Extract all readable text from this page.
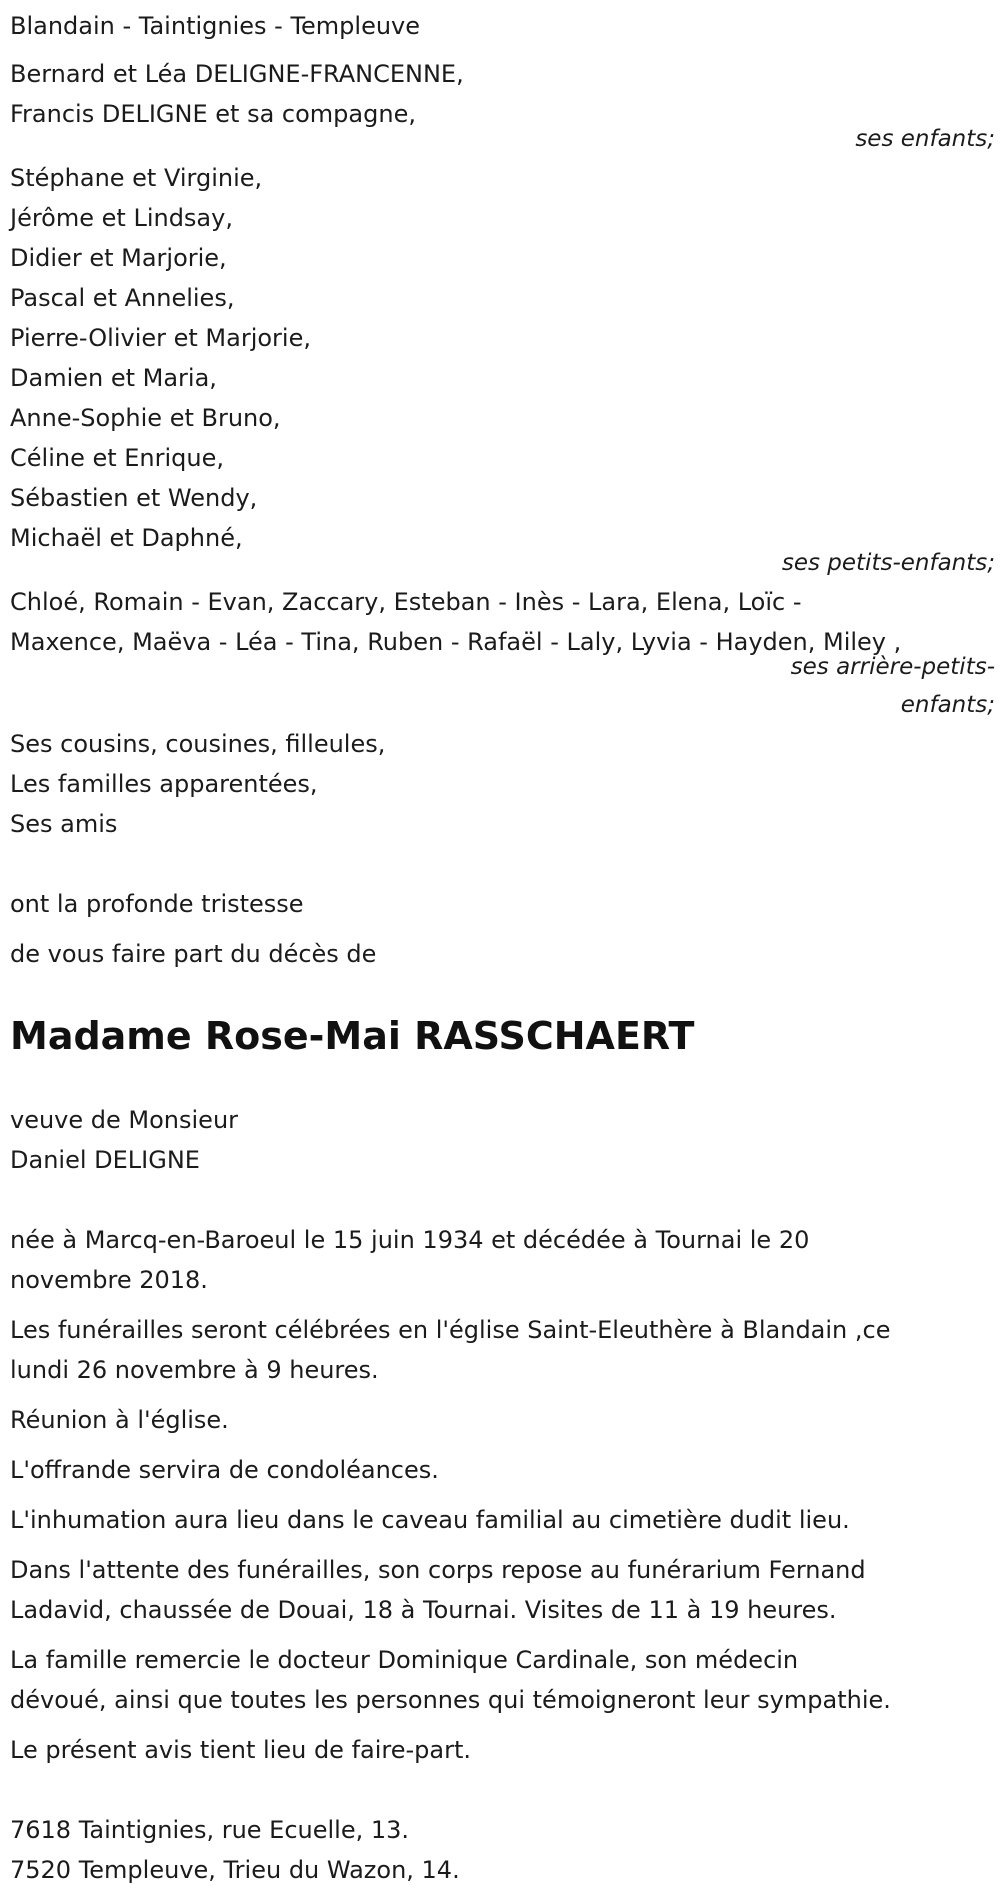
Blandain - Taintignies - Templeuve
Bernard et Léa DELIGNE-FRANCENNE,
Francis DELIGNE et sa compagne,
ses enfants;
Stéphane et Virginie,
Jérôme et Lindsay,
Didier et Marjorie,
Pascal et Annelies,
Pierre-Olivier et Marjorie,
Damien et Maria,
Anne-Sophie et Bruno,
Céline et Enrique,
Sébastien et Wendy,
Michaël et Daphné,
ses petits-enfants;
Chloé, Romain - Evan, Zaccary, Esteban - Inès - Lara, Elena, Loïc -
Maxence, Maëva - Léa - Tina, Ruben - Rafaël - Laly, Lyvia - Hayden, Miley ,
ses arrière-petits-
enfants;
Ses cousins, cousines, filleules,
Les familles apparentées,
Ses amis
ont la profonde tristesse
de vous faire part du décès de
Madame Rose-Mai RASSCHAERT
veuve de Monsieur
Daniel DELIGNE
née à Marcq-en-Baroeul le 15 juin 1934 et décédée à Tournai le 20
novembre 2018.
Les funérailles seront célébrées en l'église Saint-Eleuthère à Blandain ,ce
lundi 26 novembre à 9 heures.
Réunion à l'église.
L'offrande servira de condoléances.
L'inhumation aura lieu dans le caveau familial au cimetière dudit lieu.
Dans l'attente des funérailles, son corps repose au funérarium Fernand
Ladavid, chaussée de Douai, 18 à Tournai. Visites de 11 à 19 heures.
La famille remercie le docteur Dominique Cardinale, son médecin
dévoué, ainsi que toutes les personnes qui témoigneront leur sympathie.
Le présent avis tient lieu de faire-part.
7618 Taintignies, rue Ecuelle, 13.
7520 Templeuve, Trieu du Wazon, 14.
